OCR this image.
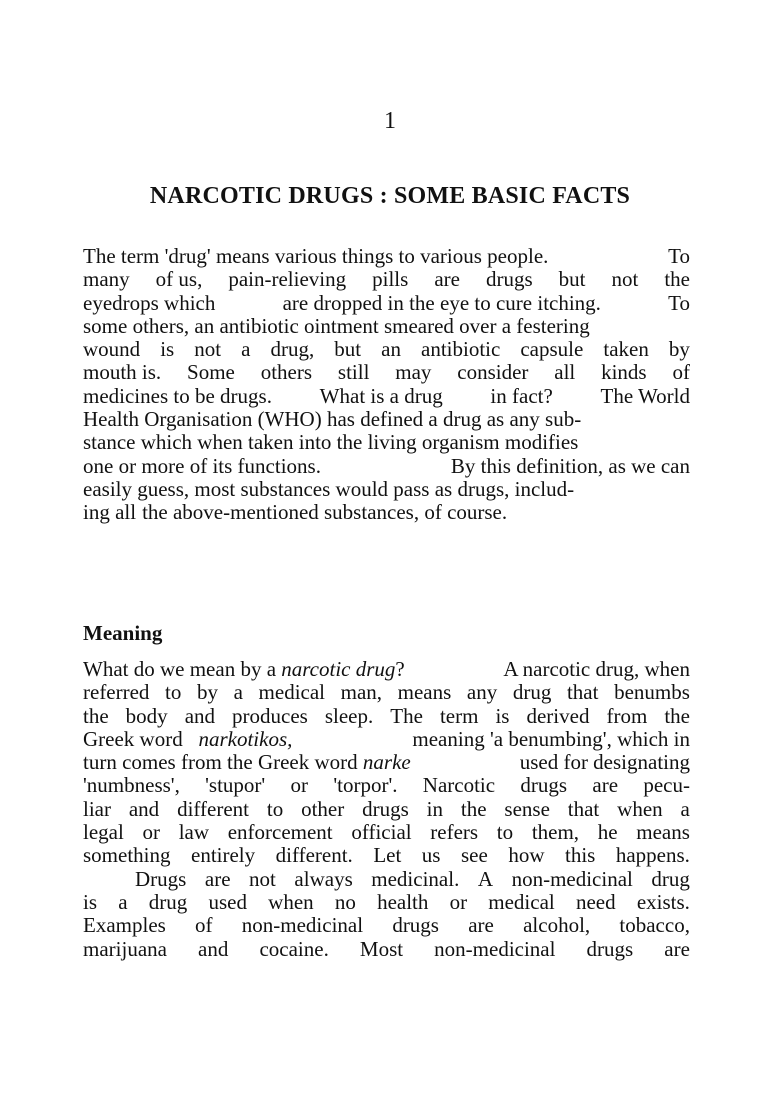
1
NARCOTIC DRUGS : SOME BASIC FACTS
The term 'drug' means various things to various people.	To
many of us, pain-relieving pills are drugs but not the
eyedrops which	are dropped in the eye to cure itching.	To
some others, an antibiotic ointment smeared over a festering
wound is not a drug, but an antibiotic capsule taken by
mouth is. Some others still may consider all kinds of
medicines to be drugs. What is a drug in fact? The World
Health Organisation (WHO) has defined a drug as any sub-
stance which when taken into the living organism modifies
one or more of its functions.	By this definition, as we can
easily guess, most substances would pass as drugs, includ-
ing all the above-mentioned substances, of course.
Meaning
What do we mean by a narcotic drug?	A narcotic drug, when
referred to by a medical man, means any drug that benumbs
the body and produces sleep. The term is derived from the
Greek word narkotikos,	meaning 'a benumbing', which in
turn comes from the Greek word narke	used for designating
'numbness', 'stupor' or 'torpor'. Narcotic drugs are pecu-
liar and different to other drugs in the sense that when a
legal or law enforcement official refers to them, he means
something entirely different. Let us see how this happens.
Drugs are not always medicinal. A non-medicinal drug
is a drug used when no health or medical need exists.
Examples of non-medicinal drugs are alcohol, tobacco,
marijuana and cocaine. Most non-medicinal drugs are
